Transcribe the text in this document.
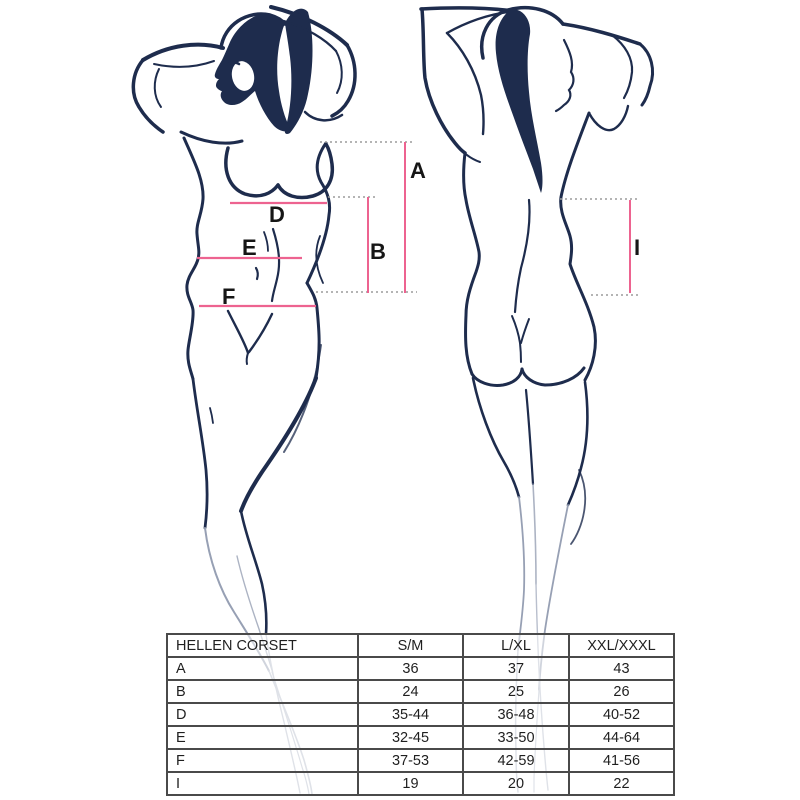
A
B
D
E
F
I
HELLEN CORSET	S/M	L/XL	XXL/XXXL
A	36	37	43
B	24	25	26
D	35-44	36-48	40-52
E	32-45	33-50	44-64
F	37-53	42-59	41-56
I	19	20	22
